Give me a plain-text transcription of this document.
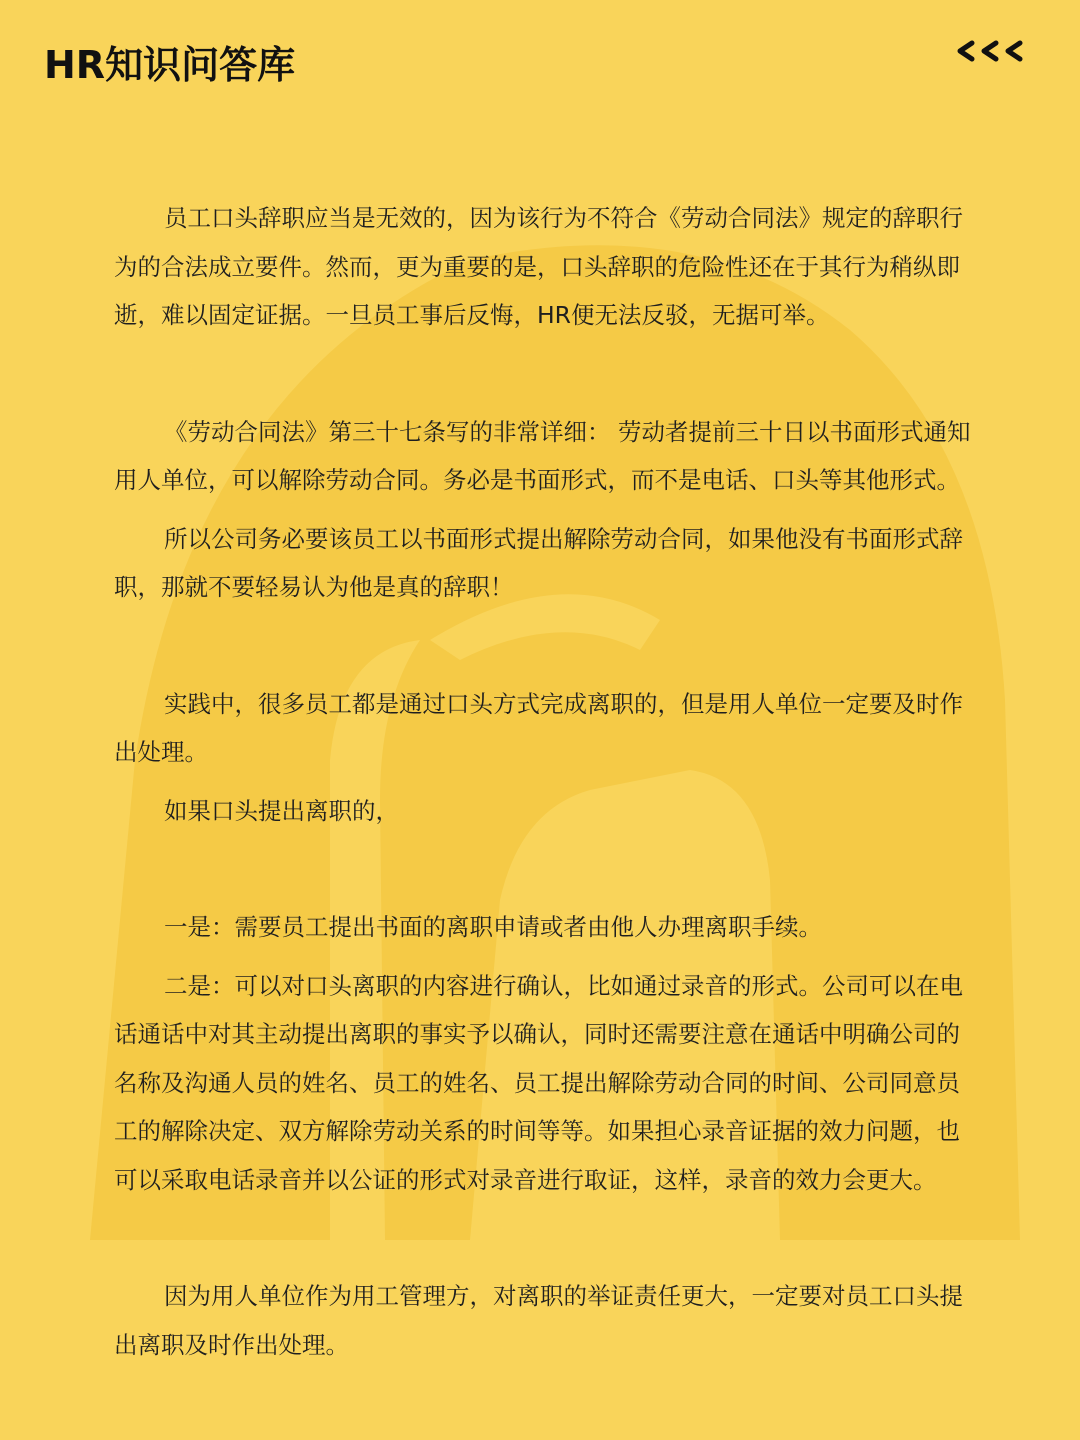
HR知识问答库

员工口头辞职应当是无效的，因为该行为不符合《劳动合同法》规定的辞职行为的合法成立要件。然而，更为重要的是，口头辞职的危险性还在于其行为稍纵即逝，难以固定证据。一旦员工事后反悔，HR便无法反驳，无据可举。

《劳动合同法》第三十七条写的非常详细： 劳动者提前三十日以书面形式通知用人单位，可以解除劳动合同。务必是书面形式，而不是电话、口头等其他形式。

所以公司务必要该员工以书面形式提出解除劳动合同，如果他没有书面形式辞职，那就不要轻易认为他是真的辞职！

实践中，很多员工都是通过口头方式完成离职的，但是用人单位一定要及时作出处理。

如果口头提出离职的，

一是：需要员工提出书面的离职申请或者由他人办理离职手续。

二是：可以对口头离职的内容进行确认，比如通过录音的形式。公司可以在电话通话中对其主动提出离职的事实予以确认，同时还需要注意在通话中明确公司的名称及沟通人员的姓名、员工的姓名、员工提出解除劳动合同的时间、公司同意员工的解除决定、双方解除劳动关系的时间等等。如果担心录音证据的效力问题，也可以采取电话录音并以公证的形式对录音进行取证，这样，录音的效力会更大。

因为用人单位作为用工管理方，对离职的举证责任更大，一定要对员工口头提出离职及时作出处理。
